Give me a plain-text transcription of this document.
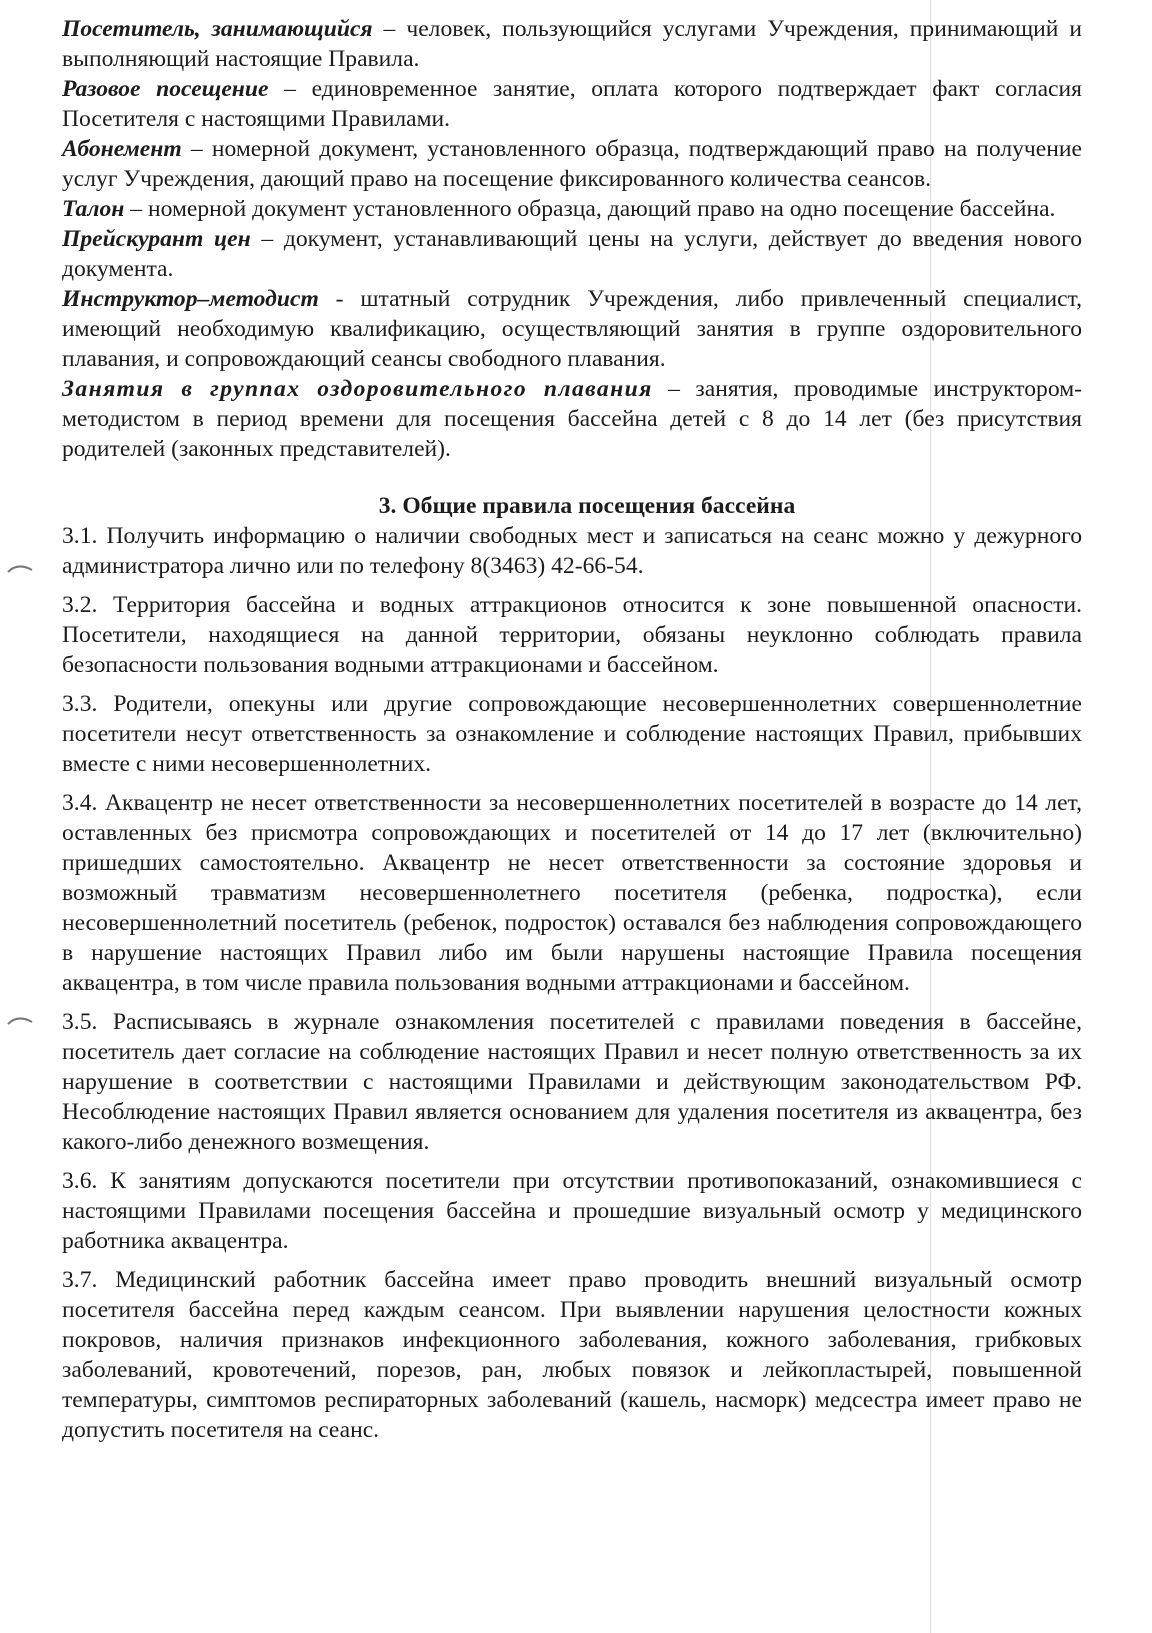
Посетитель, занимающийся – человек, пользующийся услугами Учреждения, принимающий и выполняющий настоящие Правила.

Разовое посещение – единовременное занятие, оплата которого подтверждает факт согласия Посетителя с настоящими Правилами.

Абонемент – номерной документ, установленного образца, подтверждающий право на получение услуг Учреждения, дающий право на посещение фиксированного количества сеансов.

Талон – номерной документ установленного образца, дающий право на одно посещение бассейна.

Прейскурант цен – документ, устанавливающий цены на услуги, действует до введения нового документа.

Инструктор–методист - штатный сотрудник Учреждения, либо привлеченный специалист, имеющий необходимую квалификацию, осуществляющий занятия в группе оздоровительного плавания, и сопровождающий сеансы свободного плавания.

Занятия в группах оздоровительного плавания – занятия, проводимые инструктором-методистом в период времени для посещения бассейна детей с 8 до 14 лет (без присутствия родителей (законных представителей).

3. Общие правила посещения бассейна

3.1. Получить информацию о наличии свободных мест и записаться на сеанс можно у дежурного администратора лично или по телефону 8(3463) 42-66-54.

3.2. Территория бассейна и водных аттракционов относится к зоне повышенной опасности. Посетители, находящиеся на данной территории, обязаны неуклонно соблюдать правила безопасности пользования водными аттракционами и бассейном.

3.3. Родители, опекуны или другие сопровождающие несовершеннолетних совершеннолетние посетители несут ответственность за ознакомление и соблюдение настоящих Правил, прибывших вместе с ними несовершеннолетних.

3.4. Аквацентр не несет ответственности за несовершеннолетних посетителей в возрасте до 14 лет, оставленных без присмотра сопровождающих и посетителей от 14 до 17 лет (включительно) пришедших самостоятельно. Аквацентр не несет ответственности за состояние здоровья и возможный травматизм несовершеннолетнего посетителя (ребенка, подростка), если несовершеннолетний посетитель (ребенок, подросток) оставался без наблюдения сопровождающего в нарушение настоящих Правил либо им были нарушены настоящие Правила посещения аквацентра, в том числе правила пользования водными аттракционами и бассейном.

3.5. Расписываясь в журнале ознакомления посетителей с правилами поведения в бассейне, посетитель дает согласие на соблюдение настоящих Правил и несет полную ответственность за их нарушение в соответствии с настоящими Правилами и действующим законодательством РФ. Несоблюдение настоящих Правил является основанием для удаления посетителя из аквацентра, без какого-либо денежного возмещения.

3.6. К занятиям допускаются посетители при отсутствии противопоказаний, ознакомившиеся с настоящими Правилами посещения бассейна и прошедшие визуальный осмотр у медицинского работника аквацентра.

3.7. Медицинский работник бассейна имеет право проводить внешний визуальный осмотр посетителя бассейна перед каждым сеансом. При выявлении нарушения целостности кожных покровов, наличия признаков инфекционного заболевания, кожного заболевания, грибковых заболеваний, кровотечений, порезов, ран, любых повязок и лейкопластырей, повышенной температуры, симптомов респираторных заболеваний (кашель, насморк) медсестра имеет право не допустить посетителя на сеанс.
